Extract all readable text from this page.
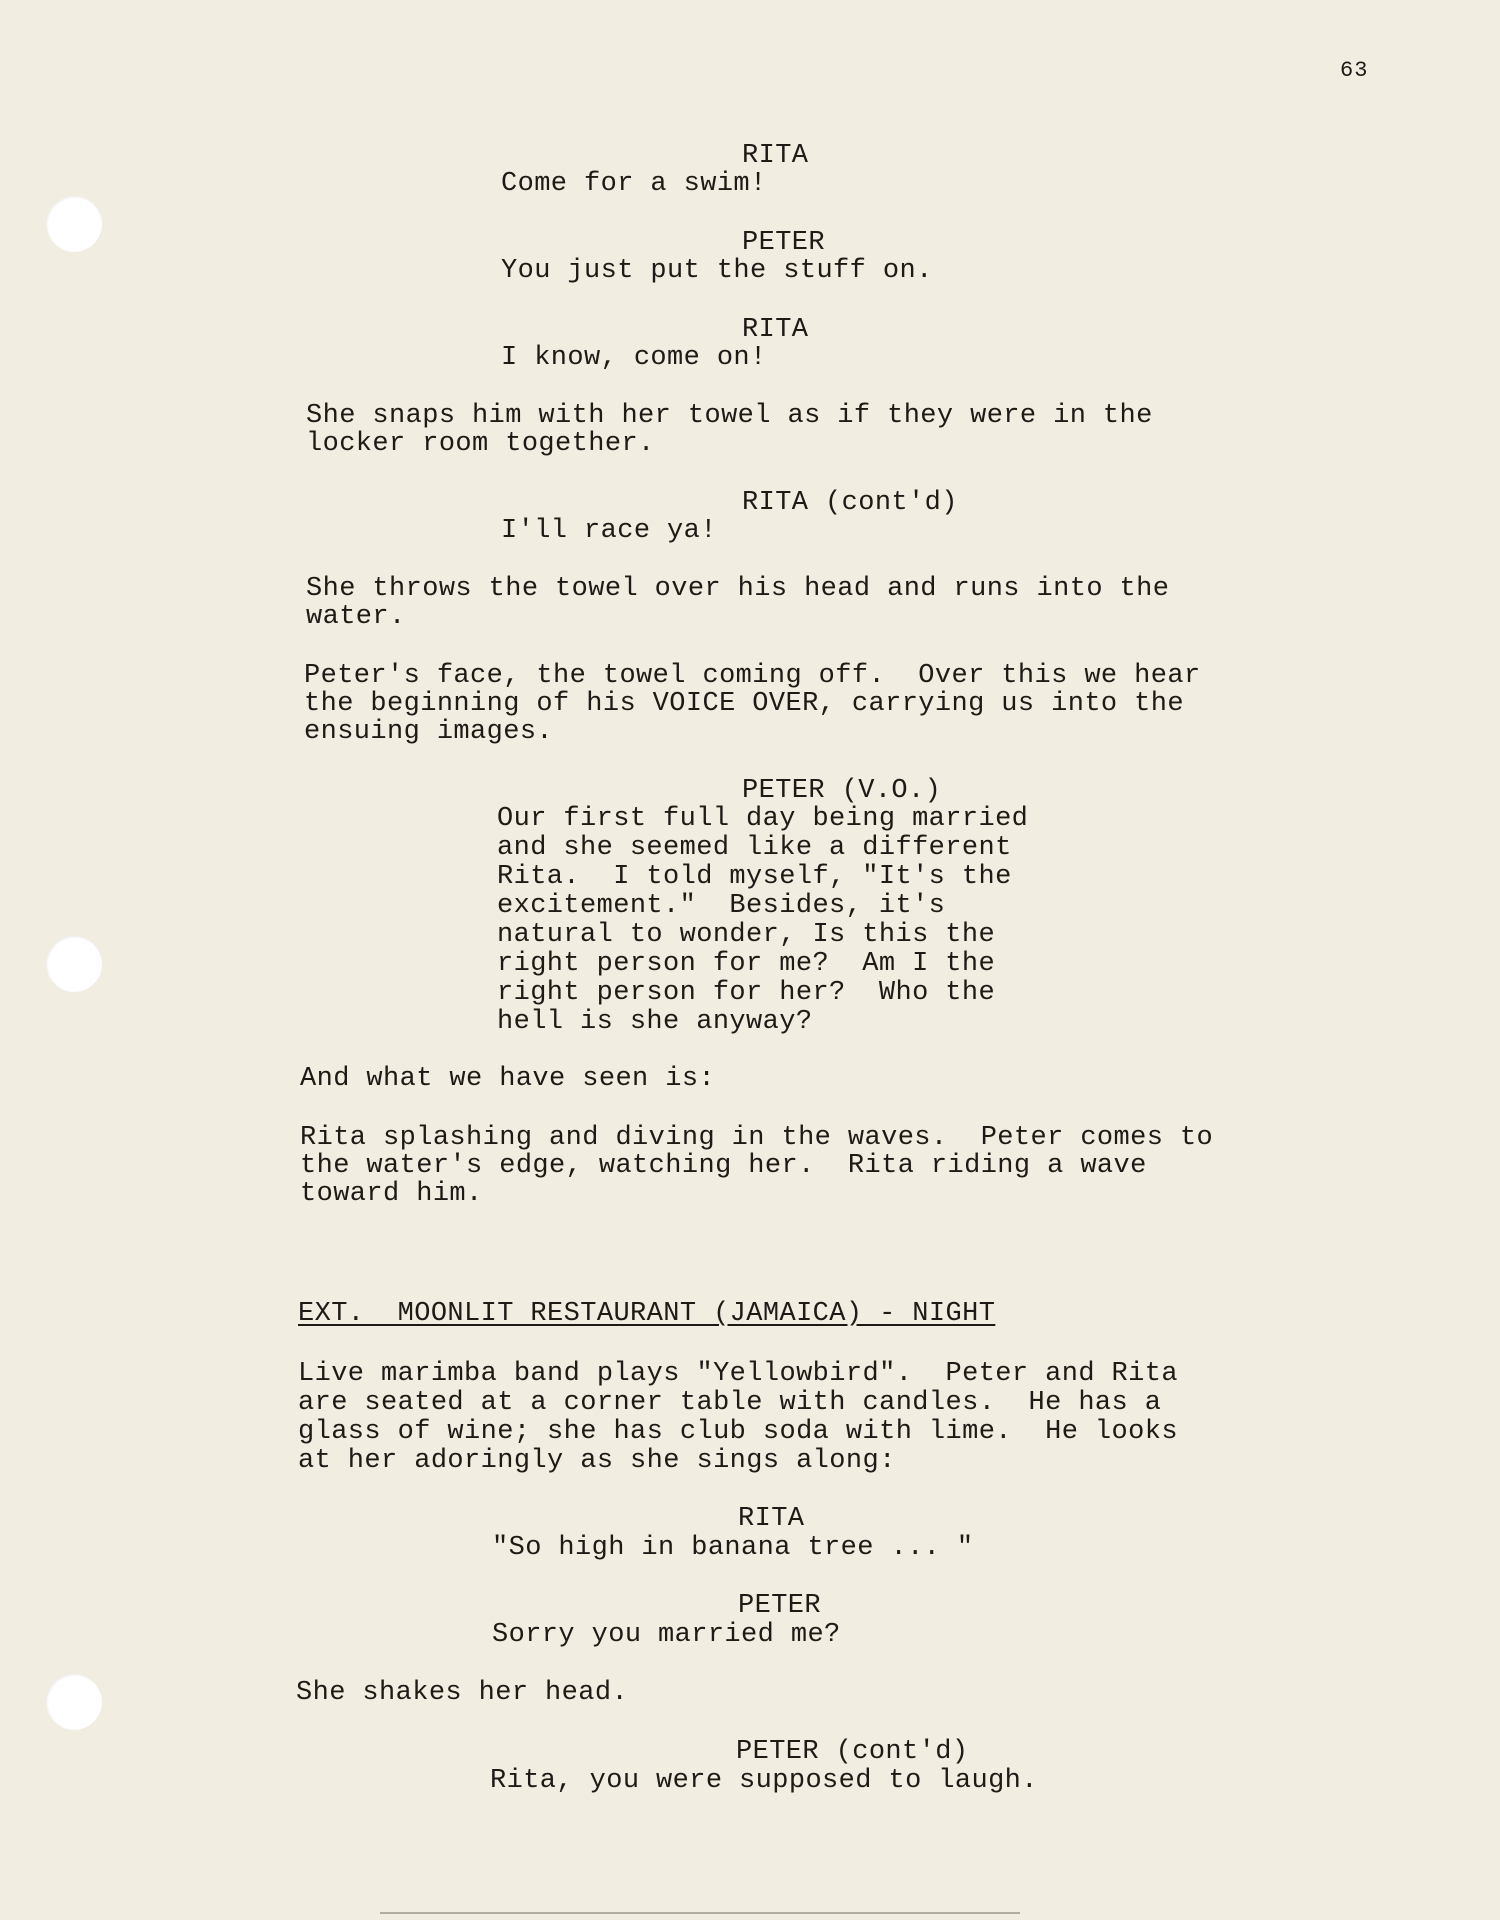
63
RITA
Come for a swim!
PETER
You just put the stuff on.
RITA
I know, come on!
She snaps him with her towel as if they were in the
locker room together.
RITA (cont'd)
I'll race ya!
She throws the towel over his head and runs into the
water.
Peter's face, the towel coming off.  Over this we hear
the beginning of his VOICE OVER, carrying us into the
ensuing images.
PETER (V.O.)
Our first full day being married
and she seemed like a different
Rita.  I told myself, "It's the
excitement."  Besides, it's
natural to wonder, Is this the
right person for me?  Am I the
right person for her?  Who the
hell is she anyway?
And what we have seen is:
Rita splashing and diving in the waves.  Peter comes to
the water's edge, watching her.  Rita riding a wave
toward him.
EXT.  MOONLIT RESTAURANT (JAMAICA) - NIGHT
Live marimba band plays "Yellowbird".  Peter and Rita
are seated at a corner table with candles.  He has a
glass of wine; she has club soda with lime.  He looks
at her adoringly as she sings along:
RITA
"So high in banana tree ... "
PETER
Sorry you married me?
She shakes her head.
PETER (cont'd)
Rita, you were supposed to laugh.
